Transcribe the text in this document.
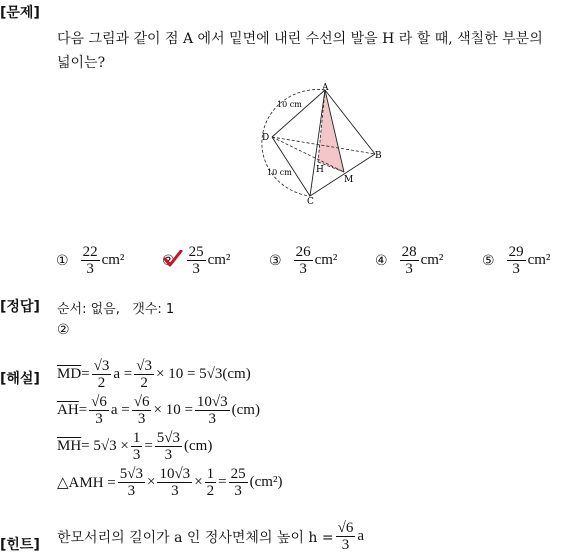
[문제]
다음 그림과 같이 점 A 에서 밑면에 내린 수선의 발을 H 라 할 때, 색칠한 부분의
넓이는?
A
B
C
D
H
M
10 cm
10 cm
① $\frac{22}{3} cm^2$	② $\frac{25}{3} cm^2$	③ $\frac{26}{3} cm^2$	④ $\frac{28}{3} cm^2$	⑤ $\frac{29}{3} cm^2$
[정답] 순서: 없음,   갯수: 1
②
[해설] $\overline{MD} = \frac{√3}{2}$ $a = \frac{√3}{2} \times 10 = 5√3(cm)$
$\overline{AH} = \frac{√6}{3}$ $a = \frac{√6}{3} \times 10 = \frac{10√3}{3} (cm)$
$\overline{MH} = 5√3 \times \frac{1}{3} = \frac{5√3}{3} (cm)$
△AMH = $\frac{5√3}{3} \times \frac{10√3}{3} \times \frac{1}{2} = \frac{25}{3} (cm^2)$
[힌트] 한모서리의 길이가 a 인 정사면체의 높이 $h = \frac{√6}{3}$ a
